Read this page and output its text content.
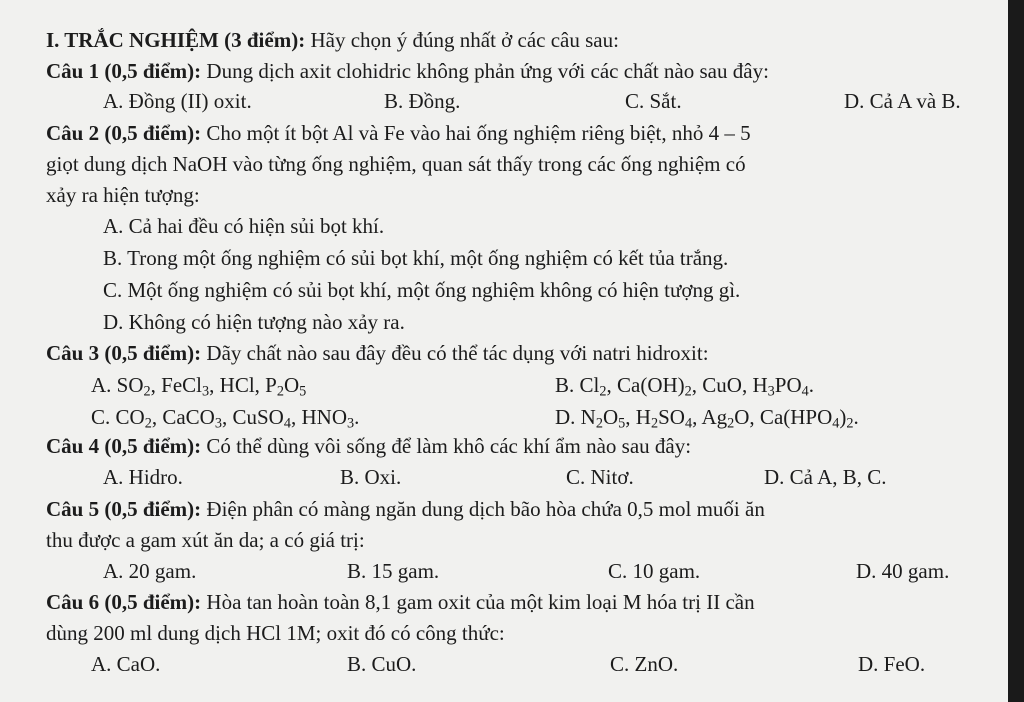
I. TRẮC NGHIỆM (3 điểm): Hãy chọn ý đúng nhất ở các câu sau:
Câu 1 (0,5 điểm): Dung dịch axit clohidric không phản ứng với các chất nào sau đây:
A. Đồng (II) oxit.	B. Đồng.	C. Sắt.	D. Cả A và B.
Câu 2 (0,5 điểm): Cho một ít bột Al và Fe vào hai ống nghiệm riêng biệt, nhỏ 4 – 5
giọt dung dịch NaOH vào từng ống nghiệm, quan sát thấy trong các ống nghiệm có
xảy ra hiện tượng:
A. Cả hai đều có hiện sủi bọt khí.
B. Trong một ống nghiệm có sủi bọt khí, một ống nghiệm có kết tủa trắng.
C. Một ống nghiệm có sủi bọt khí, một ống nghiệm không có hiện tượng gì.
D. Không có hiện tượng nào xảy ra.
Câu 3 (0,5 điểm): Dãy chất nào sau đây đều có thể tác dụng với natri hidroxit:
A. $SO_2$, FeCl$_3$, HCl, $P_2O_5$	B. $Cl_2$, $Ca(OH)_2$, CuO, $H_3PO_4$.
C. $CO_2$, CaCO$_3$, CuSO$_4$, $HNO_3$.	D. $N_2O_5$, $H_2SO_4$, $Ag_2O$, $Ca(HPO_4)_2$.
Câu 4 (0,5 điểm): Có thể dùng vôi sống để làm khô các khí ẩm nào sau đây:
A. Hidro.	B. Oxi.	C. Nitơ.	D. Cả A, B, C.
Câu 5 (0,5 điểm): Điện phân có màng ngăn dung dịch bão hòa chứa 0,5 mol muối ăn
thu được a gam xút ăn da; a có giá trị:
A. 20 gam.	B. 15 gam.	C. 10 gam.	D. 40 gam.
Câu 6 (0,5 điểm): Hòa tan hoàn toàn 8,1 gam oxit của một kim loại M hóa trị II cần
dùng 200 ml dung dịch HCl 1M; oxit đó có công thức:
A. CaO.	B. CuO.	C. ZnO.	D. FeO.
